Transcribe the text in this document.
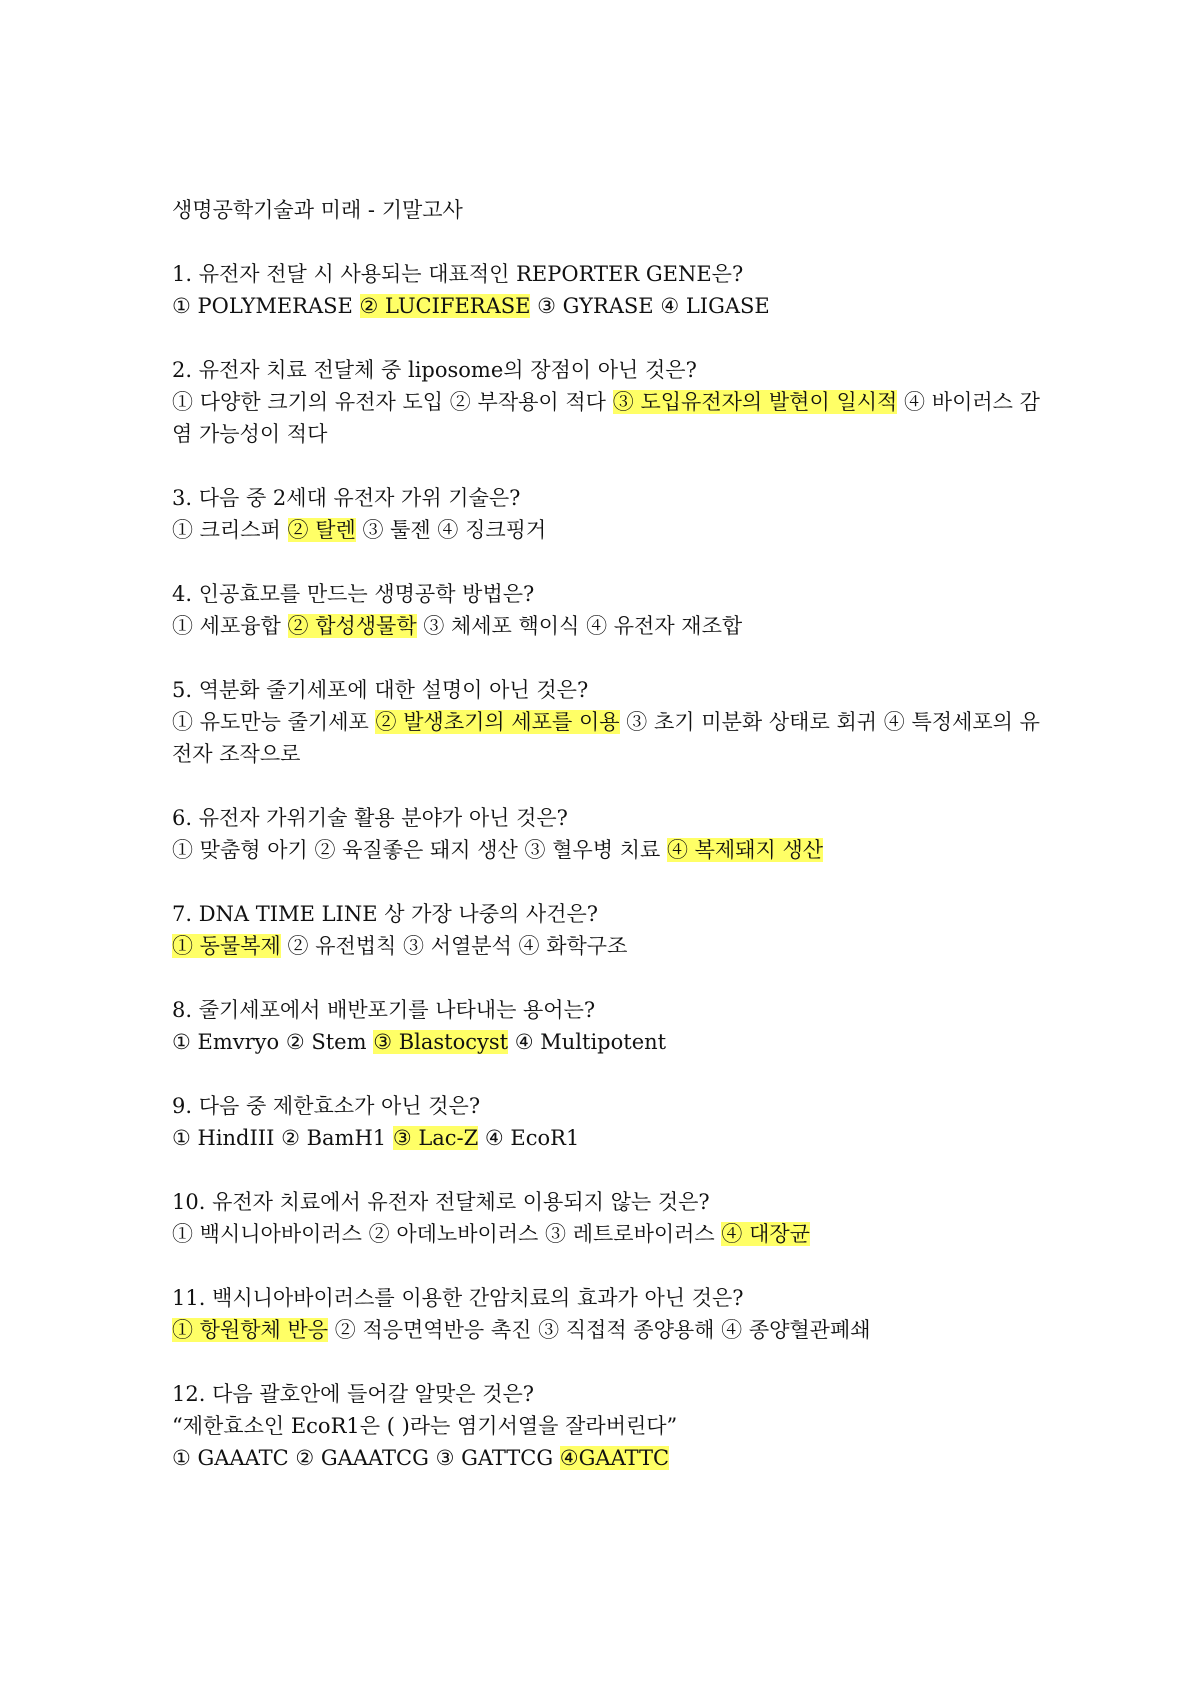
생명공학기술과 미래 - 기말고사
1. 유전자 전달 시 사용되는 대표적인 REPORTER GENE은?
① POLYMERASE ② LUCIFERASE ③ GYRASE ④ LIGASE
2. 유전자 치료 전달체 중 liposome의 장점이 아닌 것은?
① 다양한 크기의 유전자 도입 ② 부작용이 적다 ③ 도입유전자의 발현이 일시적 ④ 바이러스 감염 가능성이 적다
3. 다음 중 2세대 유전자 가위 기술은?
① 크리스퍼 ② 탈렌 ③ 툴젠 ④ 징크핑거
4. 인공효모를 만드는 생명공학 방법은?
① 세포융합 ② 합성생물학 ③ 체세포 핵이식 ④ 유전자 재조합
5. 역분화 줄기세포에 대한 설명이 아닌 것은?
① 유도만능 줄기세포 ② 발생초기의 세포를 이용 ③ 초기 미분화 상태로 회귀 ④ 특정세포의 유전자 조작으로
6. 유전자 가위기술 활용 분야가 아닌 것은?
① 맞춤형 아기 ② 육질좋은 돼지 생산 ③ 혈우병 치료 ④ 복제돼지 생산
7. DNA TIME LINE 상 가장 나중의 사건은?
① 동물복제 ② 유전법칙 ③ 서열분석 ④ 화학구조
8. 줄기세포에서 배반포기를 나타내는 용어는?
① Emvryo ② Stem ③ Blastocyst ④ Multipotent
9. 다음 중 제한효소가 아닌 것은?
① HindIII ② BamH1 ③ Lac-Z ④ EcoR1
10. 유전자 치료에서 유전자 전달체로 이용되지 않는 것은?
① 백시니아바이러스 ② 아데노바이러스 ③ 레트로바이러스 ④ 대장균
11. 백시니아바이러스를 이용한 간암치료의 효과가 아닌 것은?
① 항원항체 반응 ② 적응면역반응 촉진 ③ 직접적 종양용해 ④ 종양혈관폐쇄
12. 다음 괄호안에 들어갈 알맞은 것은?
“제한효소인 EcoR1은 ( )라는 염기서열을 잘라버린다”
① GAAATC ② GAAATCG ③ GATTCG ④GAATTC
